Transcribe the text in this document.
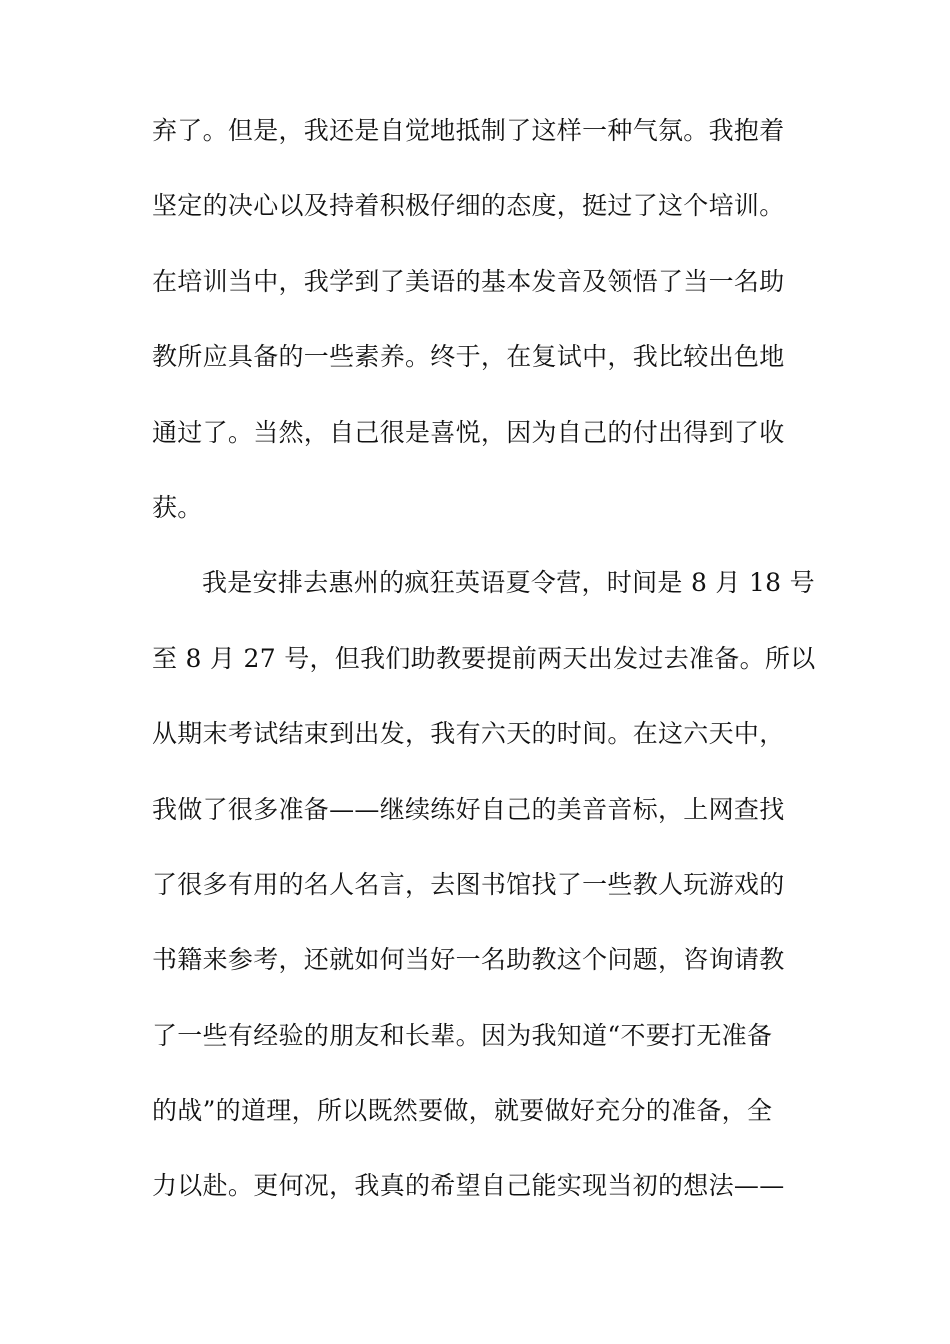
弃了。但是，我还是自觉地抵制了这样一种气氛。我抱着
坚定的决心以及持着积极仔细的态度，挺过了这个培训。
在培训当中，我学到了美语的基本发音及领悟了当一名助
教所应具备的一些素养。终于，在复试中，我比较出色地
通过了。当然，自己很是喜悦，因为自己的付出得到了收
获。
我是安排去惠州的疯狂英语夏令营，时间是 8 月 18 号
至 8 月 27 号，但我们助教要提前两天出发过去准备。所以
从期末考试结束到出发，我有六天的时间。在这六天中，
我做了很多准备——继续练好自己的美音音标，上网查找
了很多有用的名人名言，去图书馆找了一些教人玩游戏的
书籍来参考，还就如何当好一名助教这个问题，咨询请教
了一些有经验的朋友和长辈。因为我知道“不要打无准备
的战”的道理，所以既然要做，就要做好充分的准备，全
力以赴。更何况，我真的希望自己能实现当初的想法——
